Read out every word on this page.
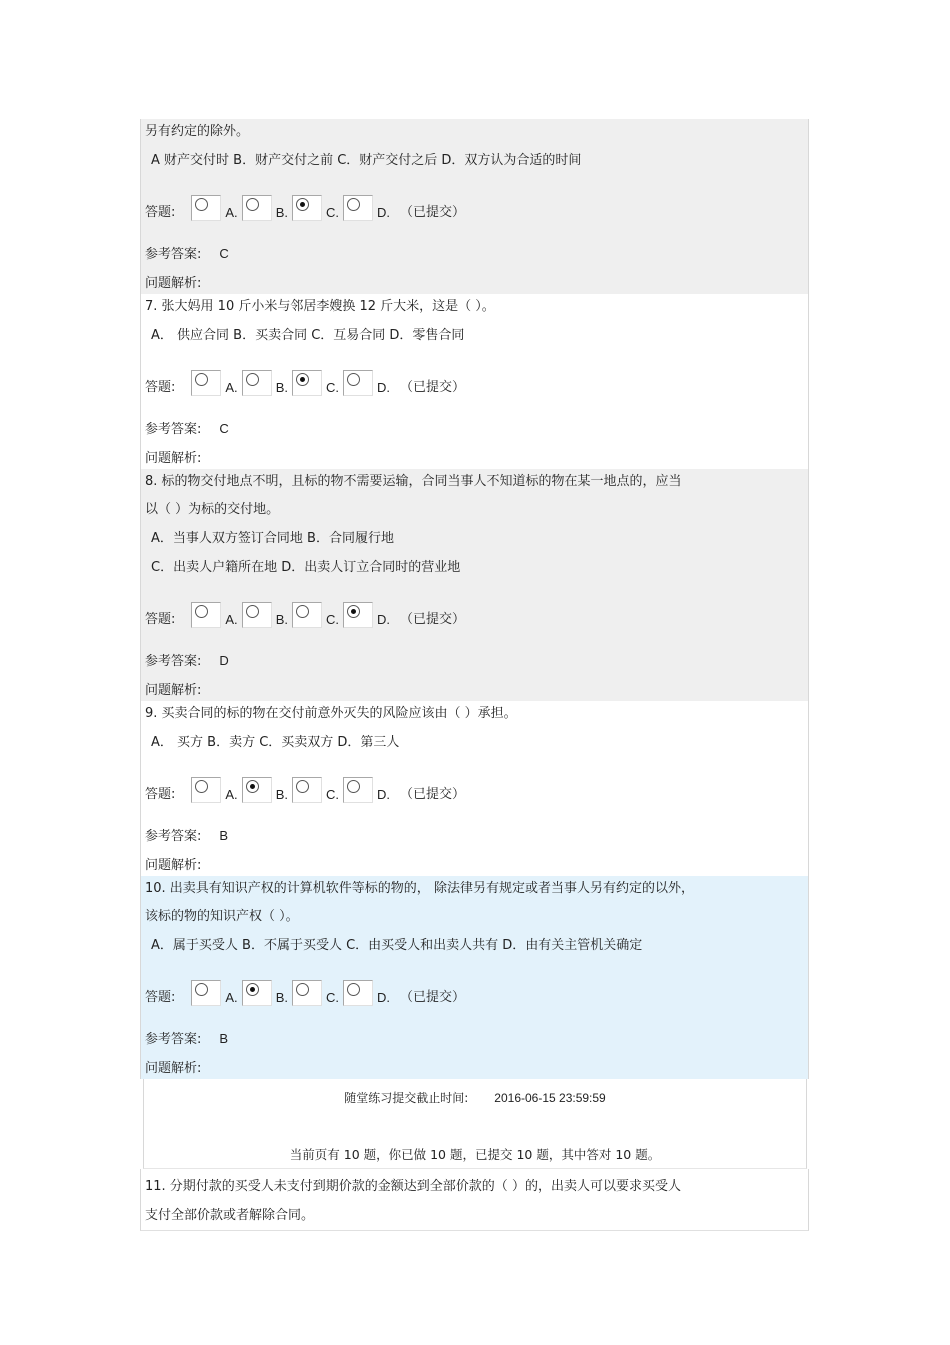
另有约定的除外。
A 财产交付时 B．财产交付之前 C．财产交付之后 D．双方认为合适的时间
答题:	A.	B.	C.	D. （已提交）
参考答案: C
问题解析:
7. 张大妈用 10 斤小米与邻居李嫂换 12 斤大米，这是（ ）。
A． 供应合同 B．买卖合同 C．互易合同 D．零售合同
答题:	A.	B.	C.	D. （已提交）
参考答案: C
问题解析:
8. 标的物交付地点不明，且标的物不需要运输，合同当事人不知道标的物在某一地点的，应当
以（ ）为标的交付地。
A．当事人双方签订合同地 B．合同履行地
C．出卖人户籍所在地 D．出卖人订立合同时的营业地
答题:	A.	B.	C.	D. （已提交）
参考答案: D
问题解析:
9. 买卖合同的标的物在交付前意外灭失的风险应该由（ ）承担。
A． 买方 B．卖方 C．买卖双方 D．第三人
答题:	A.	B.	C.	D. （已提交）
参考答案: B
问题解析:
10. 出卖具有知识产权的计算机软件等标的物的， 除法律另有规定或者当事人另有约定的以外，
该标的物的知识产权（ ）。
A．属于买受人 B．不属于买受人 C．由买受人和出卖人共有 D．由有关主管机关确定
答题:	A.	B.	C.	D. （已提交）
参考答案: B
问题解析:
随堂练习提交截止时间: 2016-06-15 23:59:59
当前页有 10 题，你已做 10 题，已提交 10 题，其中答对 10 题。
11. 分期付款的买受人未支付到期价款的金额达到全部价款的（ ）的，出卖人可以要求买受人
支付全部价款或者解除合同。
